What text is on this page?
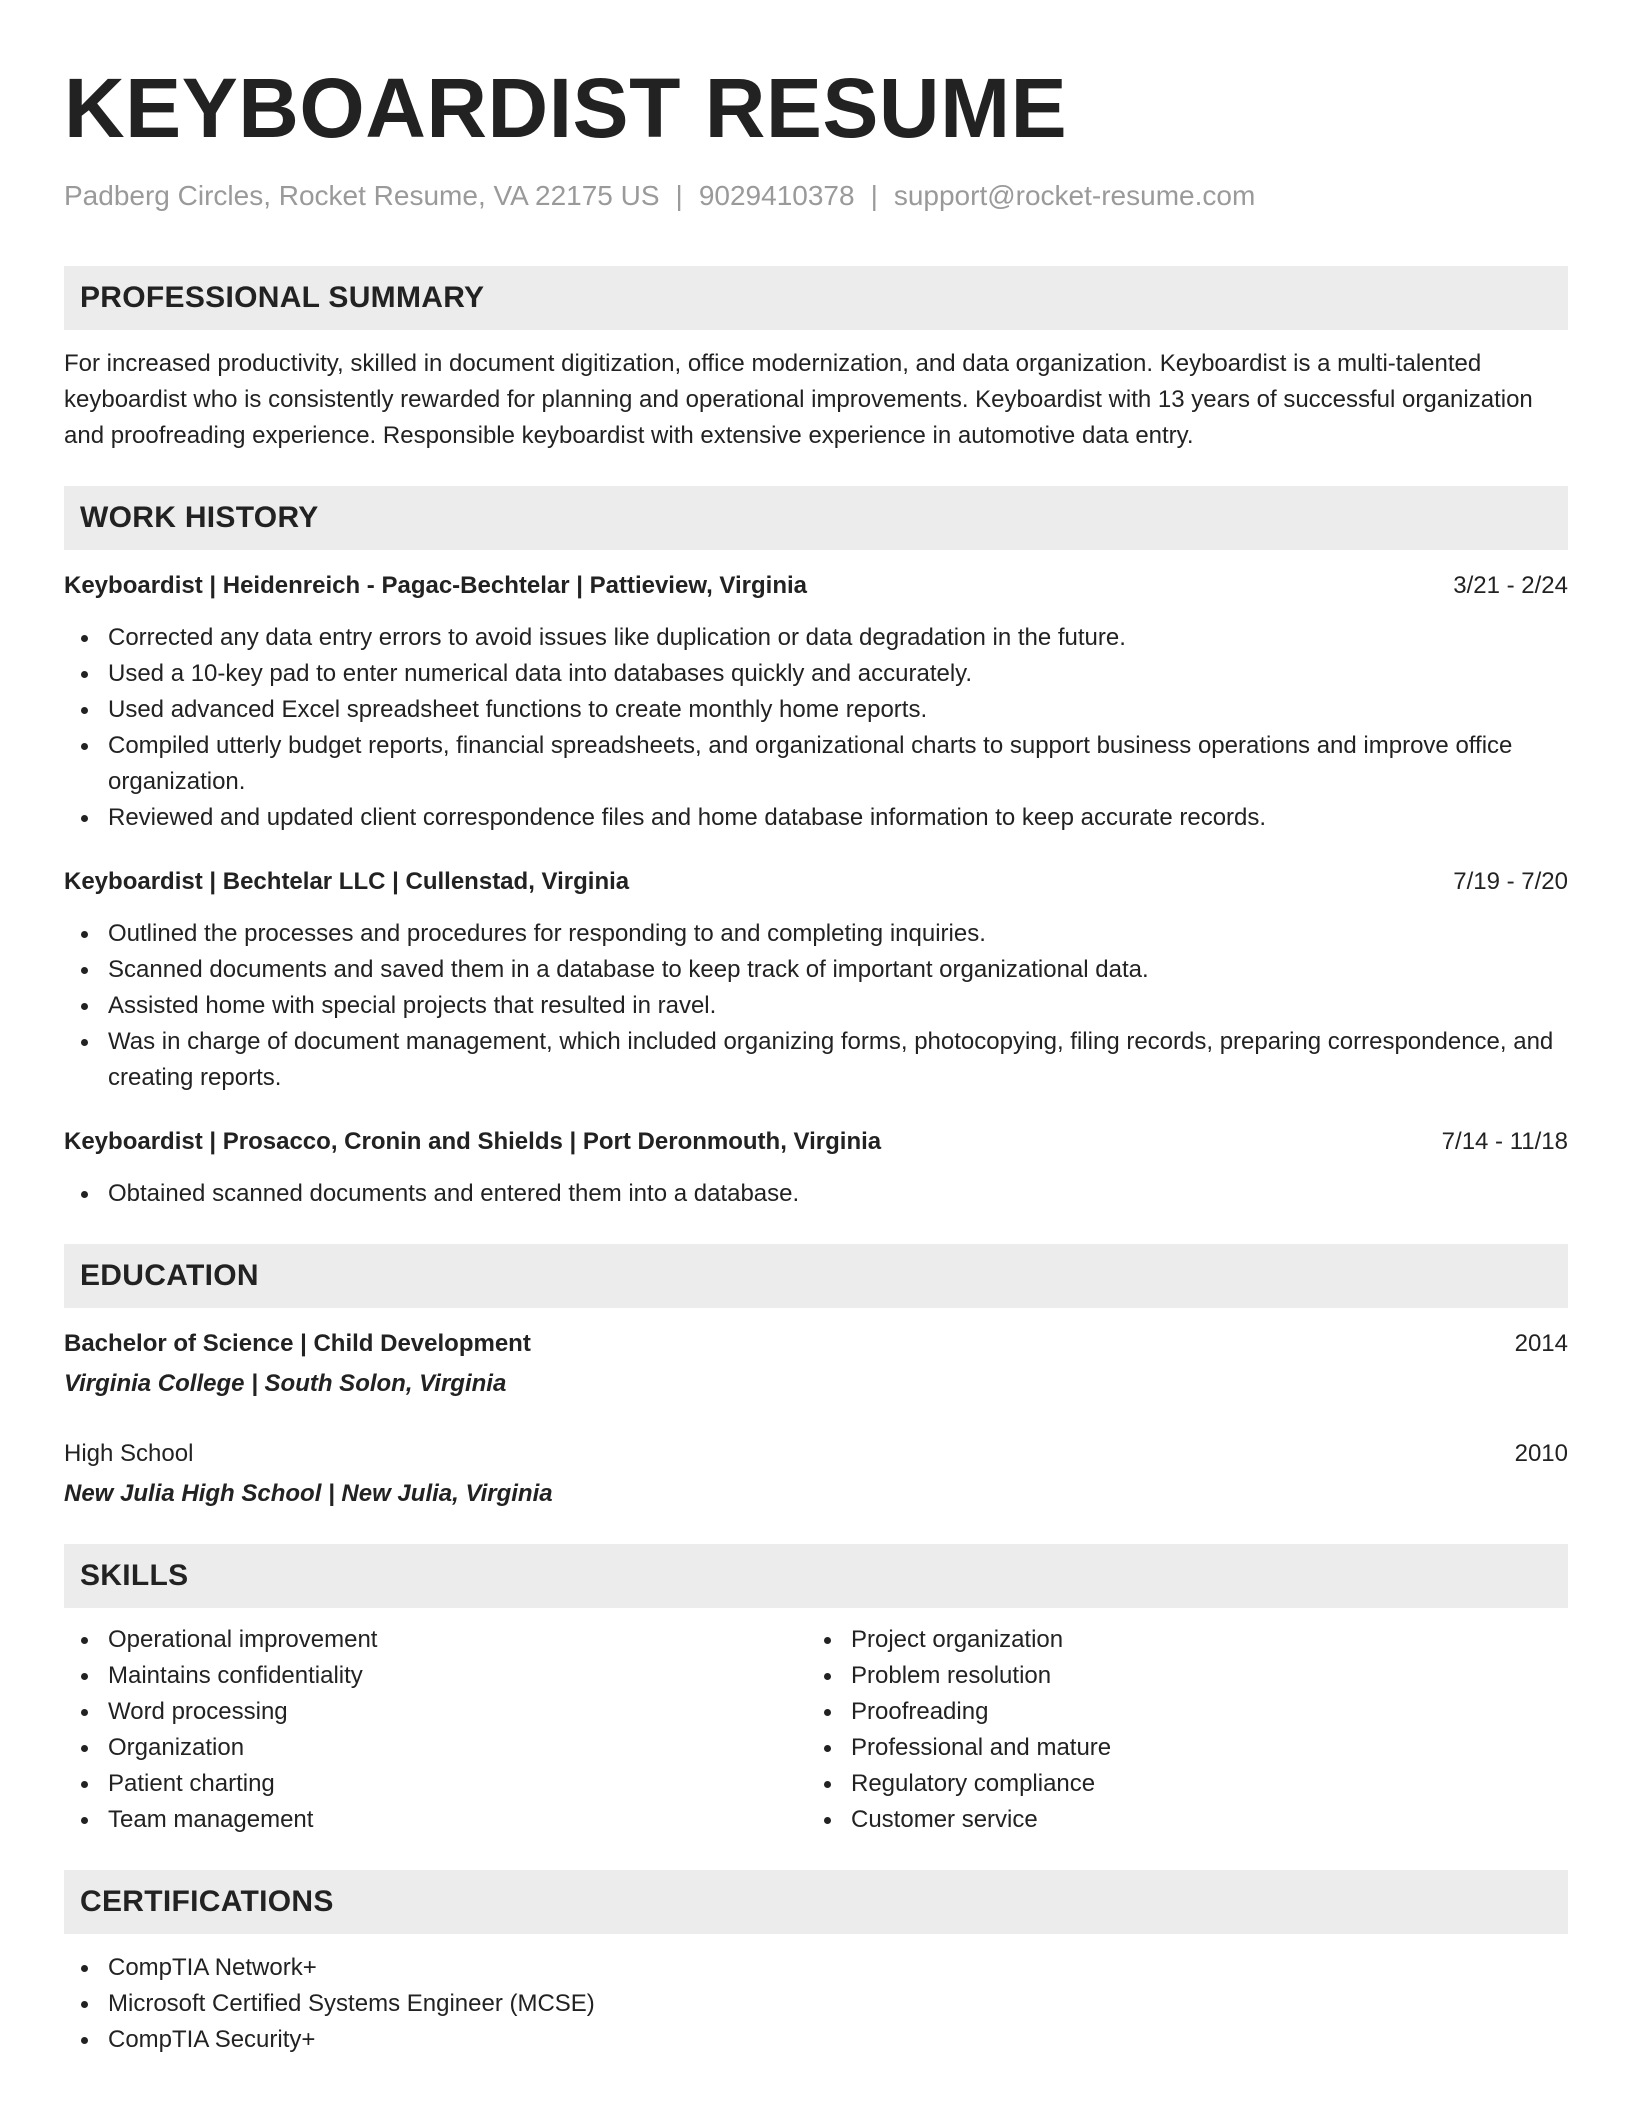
KEYBOARDIST RESUME
Padberg Circles, Rocket Resume, VA 22175 US | 9029410378 | support@rocket-resume.com
PROFESSIONAL SUMMARY

For increased productivity, skilled in document digitization, office modernization, and data organization. Keyboardist is a multi-talented keyboardist who is consistently rewarded for planning and operational improvements. Keyboardist with 13 years of successful organization and proofreading experience. Responsible keyboardist with extensive experience in automotive data entry.

WORK HISTORY
Keyboardist | Heidenreich - Pagac-Bechtelar | Pattieview, Virginia	3/21 - 2/24
Corrected any data entry errors to avoid issues like duplication or data degradation in the future.
Used a 10-key pad to enter numerical data into databases quickly and accurately.
Used advanced Excel spreadsheet functions to create monthly home reports.
Compiled utterly budget reports, financial spreadsheets, and organizational charts to support business operations and improve office organization.
Reviewed and updated client correspondence files and home database information to keep accurate records.
Keyboardist | Bechtelar LLC | Cullenstad, Virginia	7/19 - 7/20
Outlined the processes and procedures for responding to and completing inquiries.
Scanned documents and saved them in a database to keep track of important organizational data.
Assisted home with special projects that resulted in ravel.
Was in charge of document management, which included organizing forms, photocopying, filing records, preparing correspondence, and creating reports.
Keyboardist | Prosacco, Cronin and Shields | Port Deronmouth, Virginia	7/14 - 11/18
Obtained scanned documents and entered them into a database.
EDUCATION
Bachelor of Science | Child Development	2014
Virginia College | South Solon, Virginia
High School	2010
New Julia High School | New Julia, Virginia
SKILLS
Operational improvement
Maintains confidentiality
Word processing
Organization
Patient charting
Team management
Project organization
Problem resolution
Proofreading
Professional and mature
Regulatory compliance
Customer service
CERTIFICATIONS
CompTIA Network+
Microsoft Certified Systems Engineer (MCSE)
CompTIA Security+
